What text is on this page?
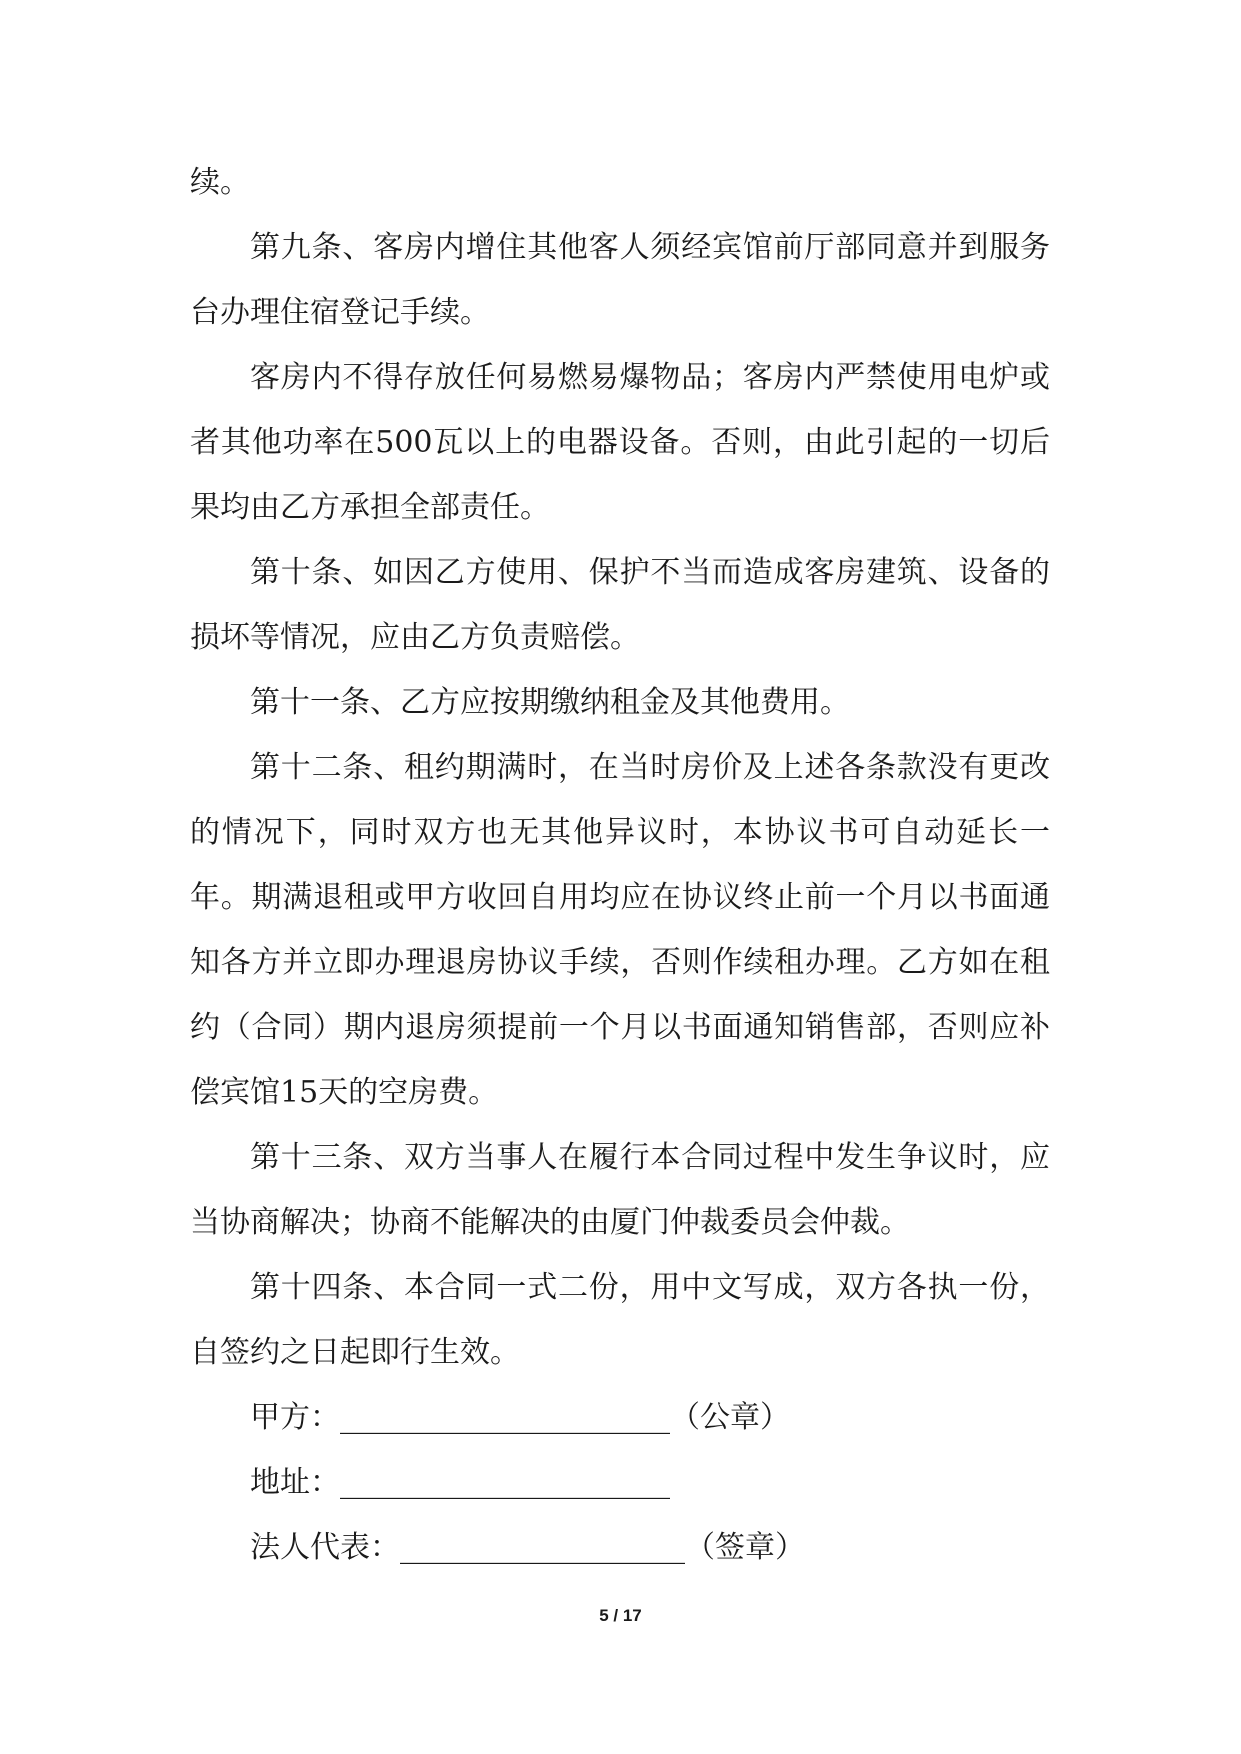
续。

第九条、客房内增住其他客人须经宾馆前厅部同意并到服务台办理住宿登记手续。

客房内不得存放任何易燃易爆物品；客房内严禁使用电炉或者其他功率在500瓦以上的电器设备。否则，由此引起的一切后果均由乙方承担全部责任。

第十条、如因乙方使用、保护不当而造成客房建筑、设备的损坏等情况，应由乙方负责赔偿。

第十一条、乙方应按期缴纳租金及其他费用。

第十二条、租约期满时，在当时房价及上述各条款没有更改的情况下，同时双方也无其他异议时，本协议书可自动延长一年。期满退租或甲方收回自用均应在协议终止前一个月以书面通知各方并立即办理退房协议手续，否则作续租办理。乙方如在租约（合同）期内退房须提前一个月以书面通知销售部，否则应补偿宾馆15天的空房费。

第十三条、双方当事人在履行本合同过程中发生争议时，应当协商解决；协商不能解决的由厦门仲裁委员会仲裁。

第十四条、本合同一式二份，用中文写成，双方各执一份，自签约之日起即行生效。

甲方：______________________（公章）

地址：______________________

法人代表：___________________（签章）

5 / 17
